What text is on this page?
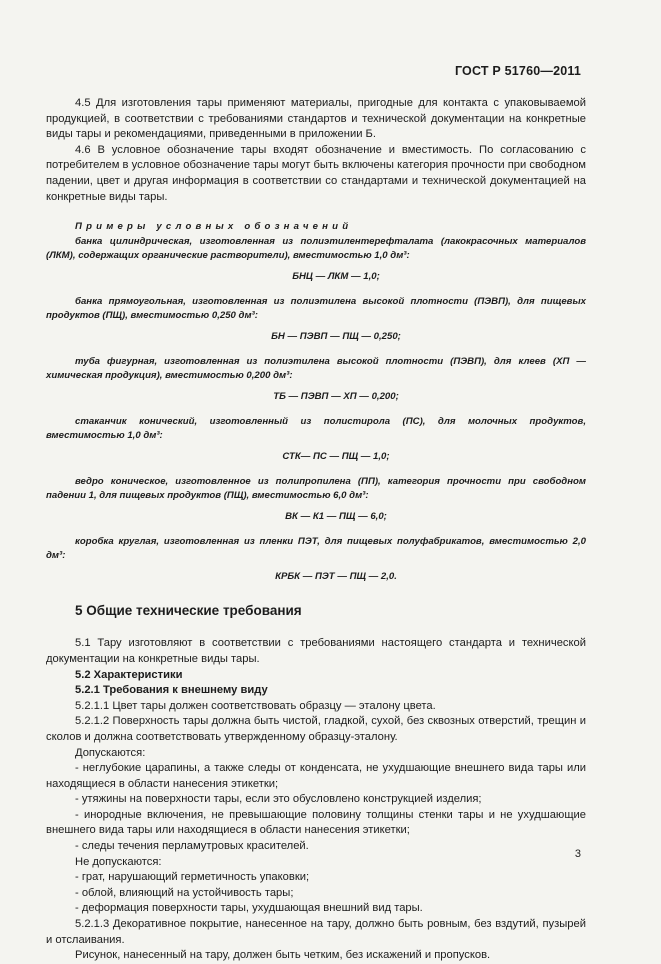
ГОСТ Р 51760—2011

4.5 Для изготовления тары применяют материалы, пригодные для контакта с упаковываемой продукцией, в соответствии с требованиями стандартов и технической документации на конкретные виды тары и рекомендациями, приведенными в приложении Б.

4.6 В условное обозначение тары входят обозначение и вместимость. По согласованию с потребителем в условное обозначение тары могут быть включены категория прочности при свободном падении, цвет и другая информация в соответствии со стандартами и технической документацией на конкретные виды тары.

Примеры условных обозначений

банка цилиндрическая, изготовленная из полиэтилентерефталата (лакокрасочных материалов (ЛКМ), содержащих органические растворители), вместимостью 1,0 дм³:

БНЦ — ЛКМ — 1,0;

банка прямоугольная, изготовленная из полиэтилена высокой плотности (ПЭВП), для пищевых продуктов (ПЩ), вместимостью 0,250 дм³:

БН — ПЭВП — ПЩ — 0,250;

туба фигурная, изготовленная из полиэтилена высокой плотности (ПЭВП), для клеев (ХП — химическая продукция), вместимостью 0,200 дм³:

ТБ — ПЭВП — ХП — 0,200;

стаканчик конический, изготовленный из полистирола (ПС), для молочных продуктов, вместимостью 1,0 дм³:

СТК— ПС — ПЩ — 1,0;

ведро коническое, изготовленное из полипропилена (ПП), категория прочности при свободном падении 1, для пищевых продуктов (ПЩ), вместимостью 6,0 дм³:

ВК — К1 — ПЩ — 6,0;

коробка круглая, изготовленная из пленки ПЭТ, для пищевых полуфабрикатов, вместимостью 2,0 дм³:

КРБК — ПЭТ — ПЩ — 2,0.

5 Общие технические требования

5.1 Тару изготовляют в соответствии с требованиями настоящего стандарта и технической документации на конкретные виды тары.

5.2 Характеристики

5.2.1 Требования к внешнему виду

5.2.1.1 Цвет тары должен соответствовать образцу — эталону цвета.

5.2.1.2 Поверхность тары должна быть чистой, гладкой, сухой, без сквозных отверстий, трещин и сколов и должна соответствовать утвержденному образцу-эталону.

Допускаются:

- неглубокие царапины, а также следы от конденсата, не ухудшающие внешнего вида тары или находящиеся в области нанесения этикетки;

- утяжины на поверхности тары, если это обусловлено конструкцией изделия;

- инородные включения, не превышающие половину толщины стенки тары и не ухудшающие внешнего вида тары или находящиеся в области нанесения этикетки;

- следы течения перламутровых красителей.

Не допускаются:

- грат, нарушающий герметичность упаковки;

- облой, влияющий на устойчивость тары;

- деформация поверхности тары, ухудшающая внешний вид тары.

5.2.1.3 Декоративное покрытие, нанесенное на тару, должно быть ровным, без вздутий, пузырей и отслаивания.

Рисунок, нанесенный на тару, должен быть четким, без искажений и пропусков.

3
